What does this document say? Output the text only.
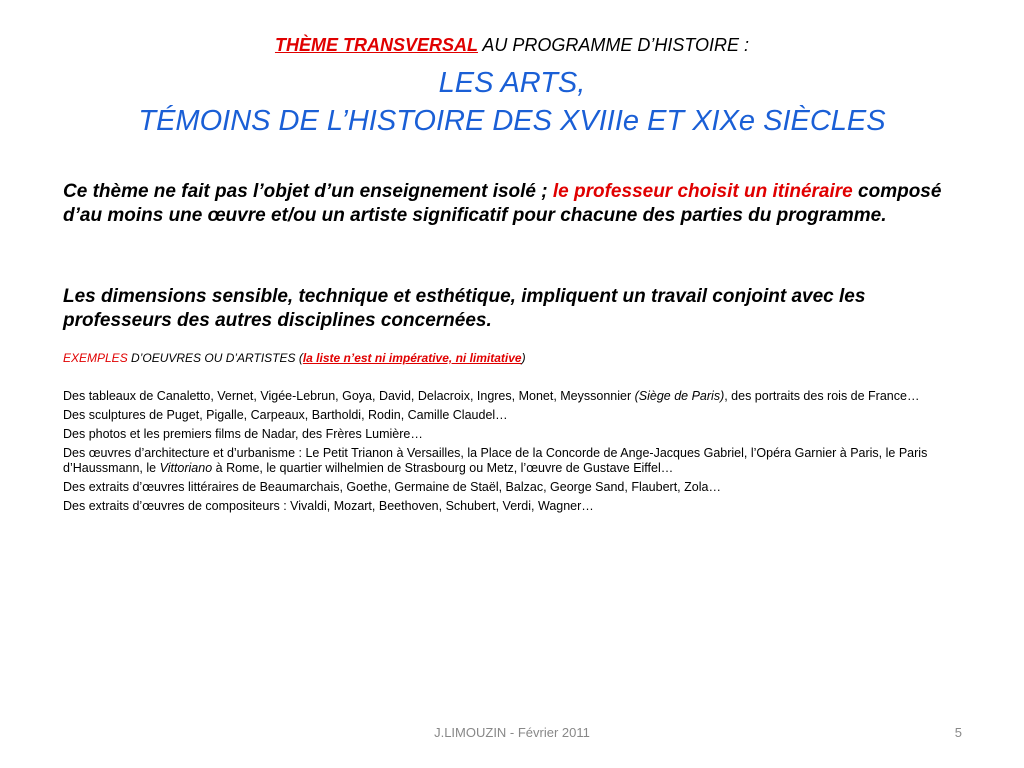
THÈME TRANSVERSAL AU PROGRAMME D’HISTOIRE :
LES ARTS,
TÉMOINS DE L’HISTOIRE DES XVIIIe ET XIXe SIÈCLES
Ce thème ne fait pas l’objet d’un enseignement isolé ; le professeur choisit un itinéraire composé d’au moins une œuvre et/ou un artiste significatif pour chacune des parties du programme.
Les dimensions sensible, technique et esthétique, impliquent un travail conjoint avec les professeurs des autres disciplines concernées.
EXEMPLES D’OEUVRES OU D’ARTISTES (la liste n’est ni impérative, ni limitative)
Des tableaux de Canaletto, Vernet, Vigée-Lebrun, Goya, David, Delacroix, Ingres, Monet, Meyssonnier (Siège de Paris), des portraits des rois de France…
Des sculptures de Puget, Pigalle, Carpeaux, Bartholdi, Rodin, Camille Claudel…
Des photos et les premiers films de Nadar, des Frères Lumière…
Des œuvres d’architecture et d’urbanisme : Le Petit Trianon à Versailles, la Place de la Concorde de Ange-Jacques Gabriel, l’Opéra Garnier à Paris, le Paris d’Haussmann, le Vittoriano à Rome, le quartier wilhelmien de Strasbourg ou Metz, l’œuvre de Gustave Eiffel…
Des extraits d’œuvres littéraires de Beaumarchais, Goethe, Germaine de Staël, Balzac, George Sand, Flaubert, Zola…
Des extraits d’œuvres de compositeurs : Vivaldi, Mozart, Beethoven, Schubert, Verdi, Wagner…
J.LIMOUZIN - Février 2011	5
